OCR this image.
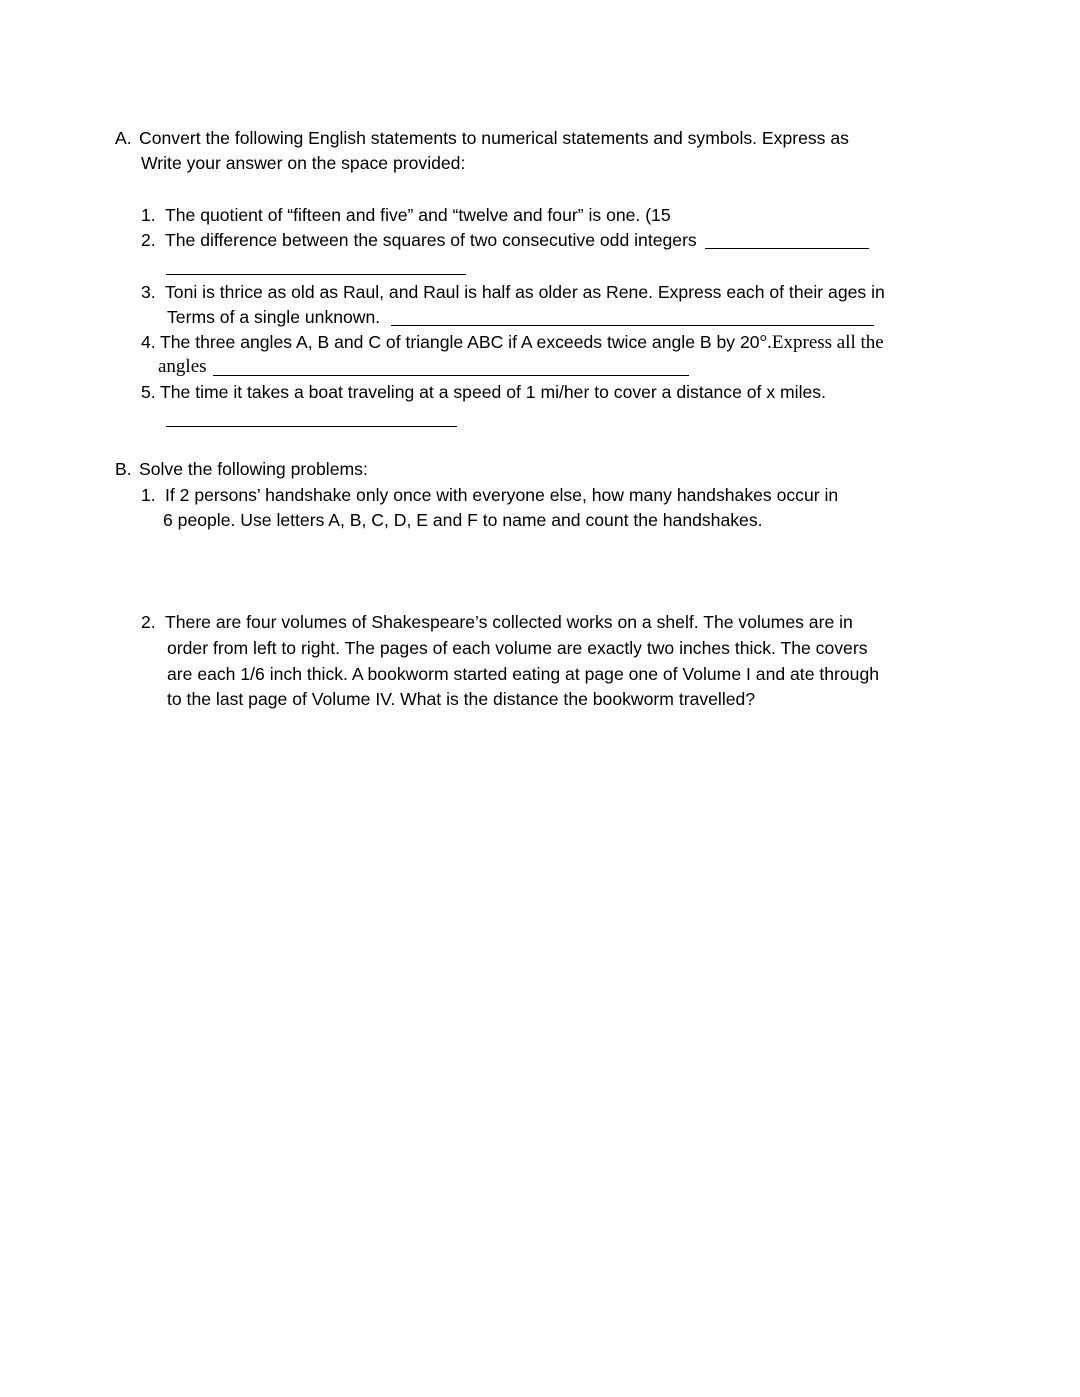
A. Convert the following English statements to numerical statements and symbols. Express as
Write your answer on the space provided:
1. The quotient of “fifteen and five” and “twelve and four” is one. (15
2. The difference between the squares of two consecutive odd integers
3. Toni is thrice as old as Raul, and Raul is half as older as Rene. Express each of their ages in
Terms of a single unknown.
4. The three angles A, B and C of triangle ABC if A exceeds twice angle B by 20°.Express all the
angles
5. The time it takes a boat traveling at a speed of 1 mi/her to cover a distance of x miles.
B. Solve the following problems:
1. If 2 persons’ handshake only once with everyone else, how many handshakes occur in
6 people. Use letters A, B, C, D, E and F to name and count the handshakes.
2. There are four volumes of Shakespeare’s collected works on a shelf. The volumes are in
order from left to right. The pages of each volume are exactly two inches thick. The covers
are each 1/6 inch thick. A bookworm started eating at page one of Volume I and ate through
to the last page of Volume IV. What is the distance the bookworm travelled?
